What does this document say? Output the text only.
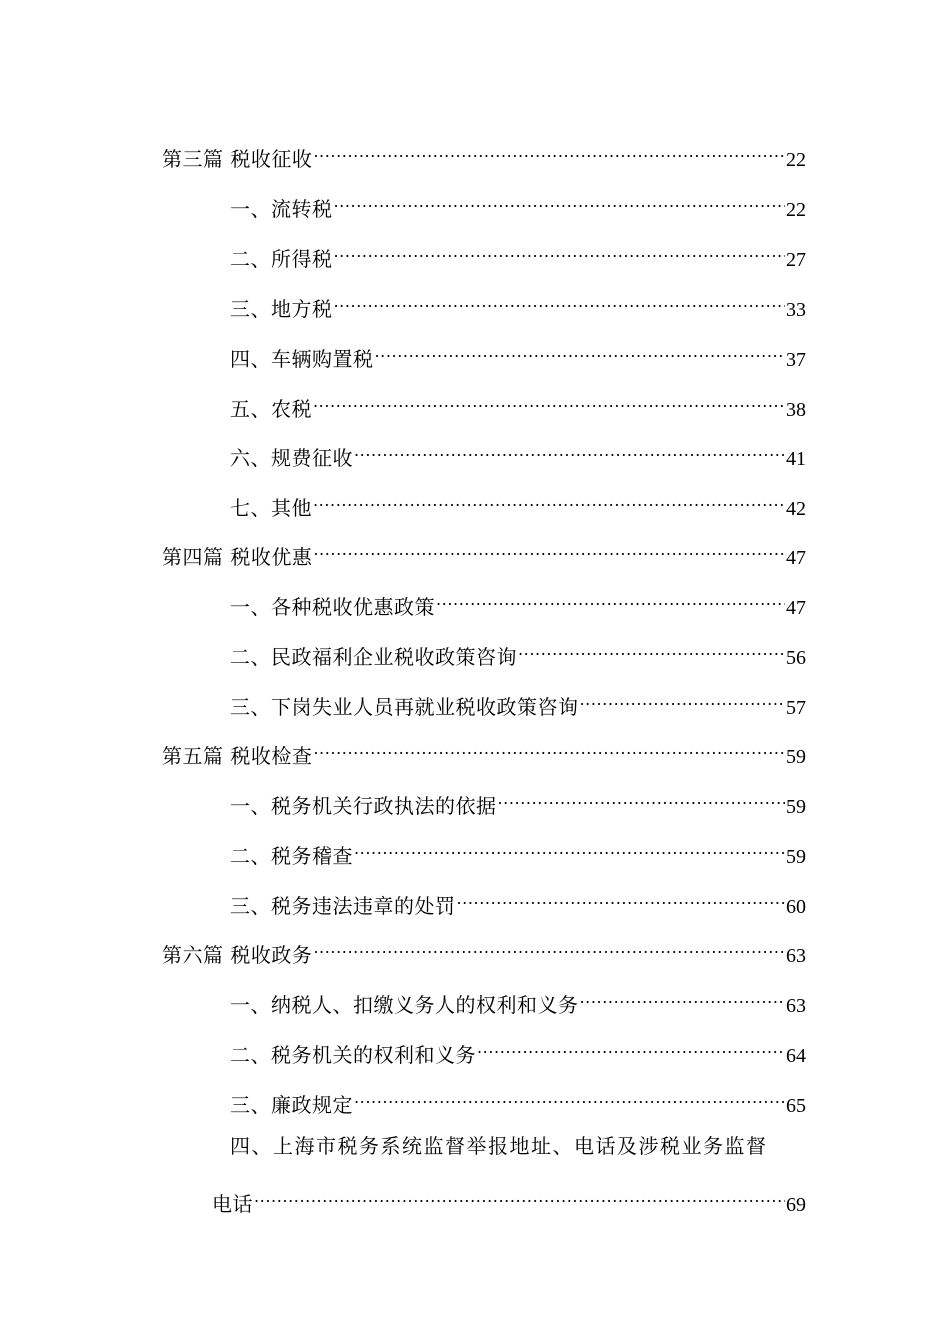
第三篇 税收征收 .....	22
一、流转税 .....	22
二、所得税 .....	27
三、地方税 .....	33
四、车辆购置税 .....	37
五、农税 .....	38
六、规费征收 .....	41
七、其他 .....	42
第四篇 税收优惠 .....	47
一、各种税收优惠政策 .....	47
二、民政福利企业税收政策咨询 .....	56
三、下岗失业人员再就业税收政策咨询 .....	57
第五篇 税收检查 .....	59
一、税务机关行政执法的依据 .....	59
二、税务稽查 .....	59
三、税务违法违章的处罚 .....	60
第六篇 税收政务 .....	63
一、纳税人、扣缴义务人的权利和义务 .....	63
二、税务机关的权利和义务 .....	64
三、廉政规定 .....	65
四、上海市税务系统监督举报地址、电话及涉税业务监督
电话 .....	69
